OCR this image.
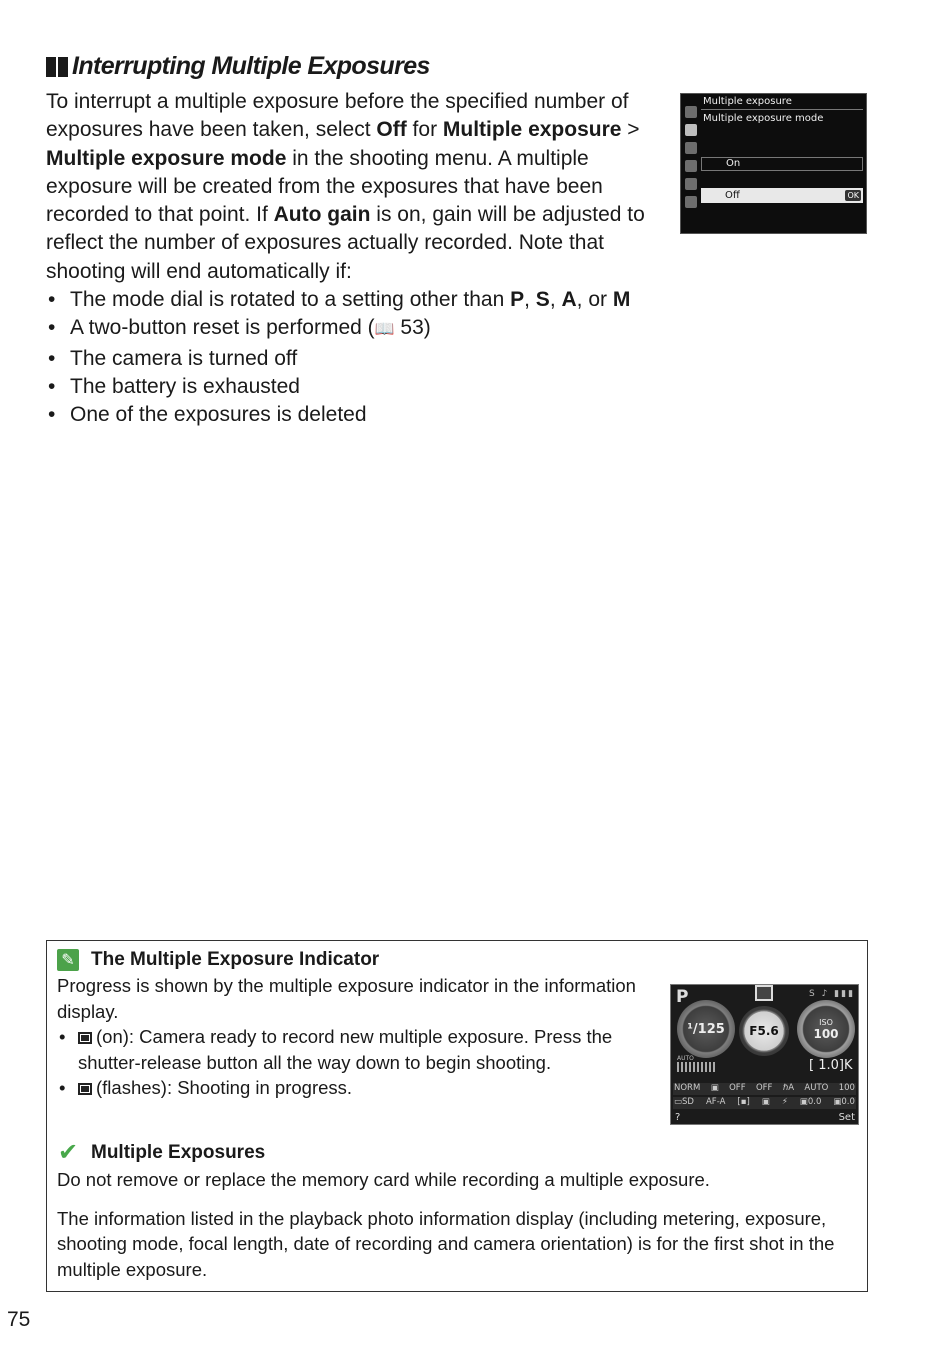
Interrupting Multiple Exposures

To interrupt a multiple exposure before the specified number of exposures have been taken, select Off for Multiple exposure > Multiple exposure mode in the shooting menu. A multiple exposure will be created from the exposures that have been recorded to that point. If Auto gain is on, gain will be adjusted to reflect the number of exposures actually recorded. Note that shooting will end automatically if:

• The mode dial is rotated to a setting other than P, S, A, or M
• A two-button reset is performed (📖 53)
• The camera is turned off
• The battery is exhausted
• One of the exposures is deleted
Multiple exposure
Multiple exposure mode
On
Off	OK
✎ The Multiple Exposure Indicator

Progress is shown by the multiple exposure indicator in the information display.

• (on): Camera ready to record new multiple exposure. Press the shutter-release button all the way down to begin shooting.
• (flashes): Shooting in progress.
P	S ♪ ▮▮▮
¹/125 F5.6
ISO
100
AUTO	[ 1.0]K
NORM ▣ OFF OFF ℏA AUTO 100
▭SD AF-A [▪] ▣ ⚡ ▣0.0 ▣0.0
?	Set
✔ Multiple Exposures

Do not remove or replace the memory card while recording a multiple exposure.

The information listed in the playback photo information display (including metering, exposure, shooting mode, focal length, date of recording and camera orientation) is for the first shot in the multiple exposure.

75
